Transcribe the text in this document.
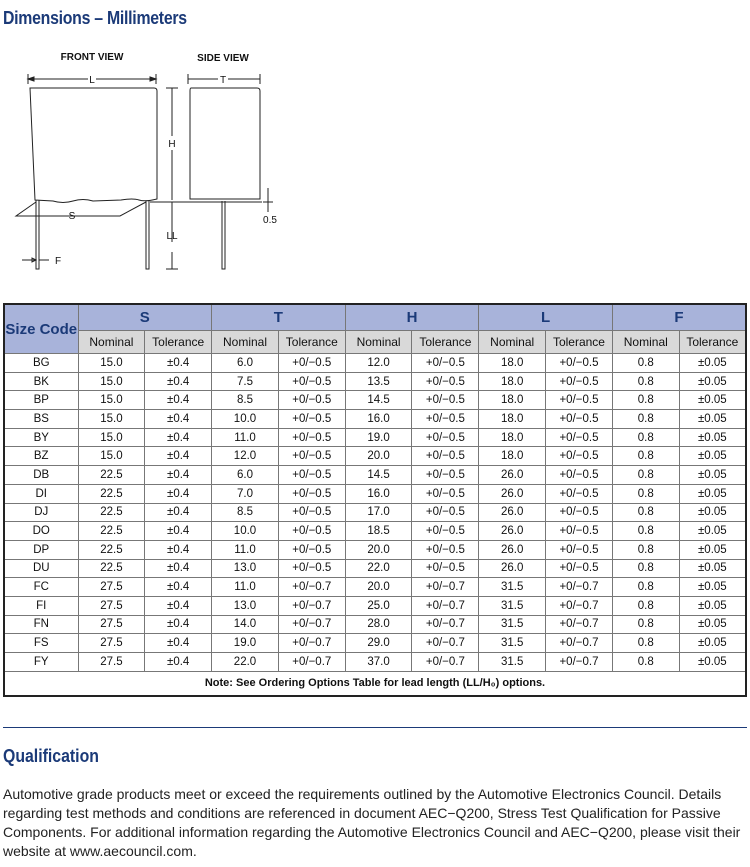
Dimensions – Millimeters
FRONT VIEW	SIDE VIEW
L
S
F
H
LL
T
0.5
Size Code	S		T		H		L		F	
	Nominal	Tolerance	Nominal	Tolerance	Nominal	Tolerance	Nominal	Tolerance	Nominal	Tolerance
BG	15.0	±0.4	6.0	+0/−0.5	12.0	+0/−0.5	18.0	+0/−0.5	0.8	±0.05
BK	15.0	±0.4	7.5	+0/−0.5	13.5	+0/−0.5	18.0	+0/−0.5	0.8	±0.05
BP	15.0	±0.4	8.5	+0/−0.5	14.5	+0/−0.5	18.0	+0/−0.5	0.8	±0.05
BS	15.0	±0.4	10.0	+0/−0.5	16.0	+0/−0.5	18.0	+0/−0.5	0.8	±0.05
BY	15.0	±0.4	11.0	+0/−0.5	19.0	+0/−0.5	18.0	+0/−0.5	0.8	±0.05
BZ	15.0	±0.4	12.0	+0/−0.5	20.0	+0/−0.5	18.0	+0/−0.5	0.8	±0.05
DB	22.5	±0.4	6.0	+0/−0.5	14.5	+0/−0.5	26.0	+0/−0.5	0.8	±0.05
DI	22.5	±0.4	7.0	+0/−0.5	16.0	+0/−0.5	26.0	+0/−0.5	0.8	±0.05
DJ	22.5	±0.4	8.5	+0/−0.5	17.0	+0/−0.5	26.0	+0/−0.5	0.8	±0.05
DO	22.5	±0.4	10.0	+0/−0.5	18.5	+0/−0.5	26.0	+0/−0.5	0.8	±0.05
DP	22.5	±0.4	11.0	+0/−0.5	20.0	+0/−0.5	26.0	+0/−0.5	0.8	±0.05
DU	22.5	±0.4	13.0	+0/−0.5	22.0	+0/−0.5	26.0	+0/−0.5	0.8	±0.05
FC	27.5	±0.4	11.0	+0/−0.7	20.0	+0/−0.7	31.5	+0/−0.7	0.8	±0.05
FI	27.5	±0.4	13.0	+0/−0.7	25.0	+0/−0.7	31.5	+0/−0.7	0.8	±0.05
FN	27.5	±0.4	14.0	+0/−0.7	28.0	+0/−0.7	31.5	+0/−0.7	0.8	±0.05
FS	27.5	±0.4	19.0	+0/−0.7	29.0	+0/−0.7	31.5	+0/−0.7	0.8	±0.05
FY	27.5	±0.4	22.0	+0/−0.7	37.0	+0/−0.7	31.5	+0/−0.7	0.8	±0.05
Note: See Ordering Options Table for lead length (LL/H₀) options.										
Qualification
Automotive grade products meet or exceed the requirements outlined by the Automotive Electronics Council. Details regarding test methods and conditions are referenced in document AEC−Q200, Stress Test Qualification for Passive Components. For additional information regarding the Automotive Electronics Council and AEC−Q200, please visit their website at www.aecouncil.com.
